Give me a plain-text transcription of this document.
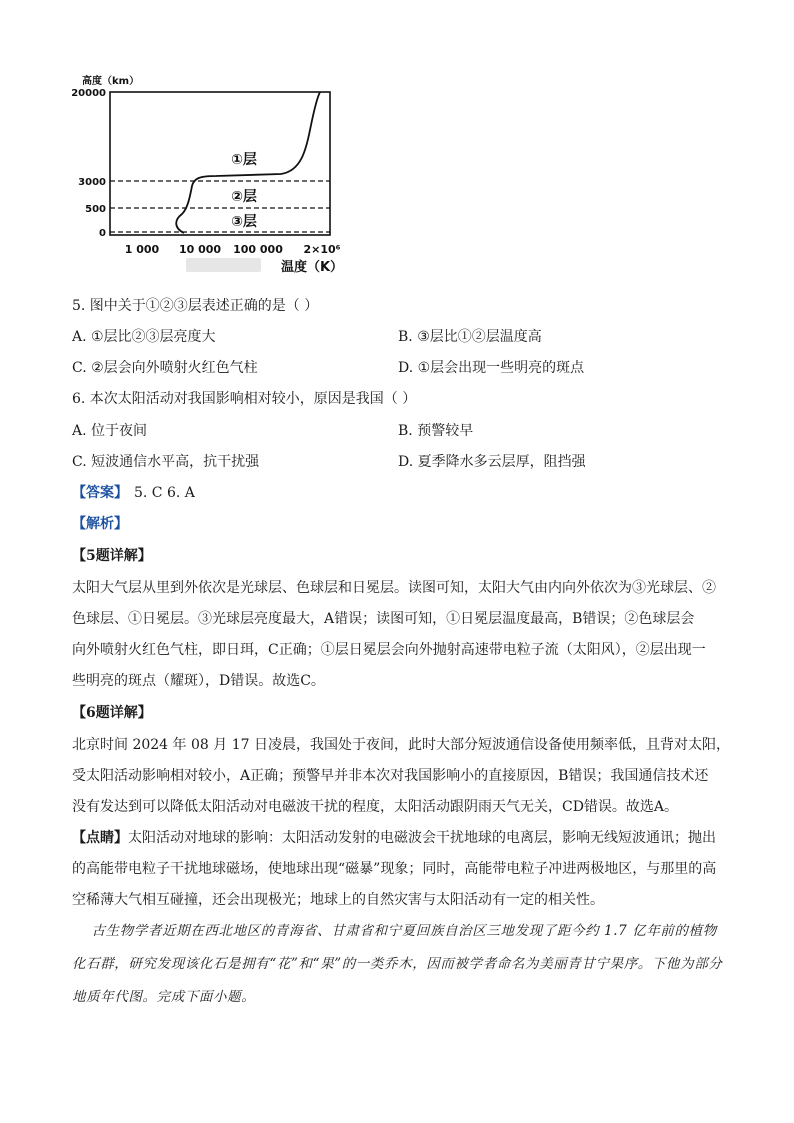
高度（km）
20000
3000
500
0
1 000 10 000 100 000 2×10⁶
温度（K）
①层
②层
③层
5. 图中关于①②③层表述正确的是（ ）
A. ①层比②③层亮度大	B. ③层比①②层温度高
C. ②层会向外喷射火红色气柱	D. ①层会出现一些明亮的斑点
6. 本次太阳活动对我国影响相对较小，原因是我国（ ）
A. 位于夜间	B. 预警较早
C. 短波通信水平高，抗干扰强	D. 夏季降水多云层厚，阻挡强
【答案】 5. C 6. A
【解析】
【5题详解】
太阳大气层从里到外依次是光球层、色球层和日冕层。读图可知，太阳大气由内向外依次为③光球层、②
色球层、①日冕层。③光球层亮度最大，A错误；读图可知，①日冕层温度最高，B错误；②色球层会
向外喷射火红色气柱，即日珥，C正确；①层日冕层会向外抛射高速带电粒子流（太阳风），②层出现一
些明亮的斑点（耀斑），D错误。故选C。
【6题详解】
北京时间 2024 年 08 月 17 日凌晨，我国处于夜间，此时大部分短波通信设备使用频率低，且背对太阳，
受太阳活动影响相对较小，A正确；预警早并非本次对我国影响小的直接原因，B错误；我国通信技术还
没有发达到可以降低太阳活动对电磁波干扰的程度，太阳活动跟阴雨天气无关，CD错误。故选A。
【点睛】太阳活动对地球的影响：太阳活动发射的电磁波会干扰地球的电离层，影响无线短波通讯；抛出
的高能带电粒子干扰地球磁场，使地球出现“磁暴”现象；同时，高能带电粒子冲进两极地区，与那里的高
空稀薄大气相互碰撞，还会出现极光；地球上的自然灾害与太阳活动有一定的相关性。
古生物学者近期在西北地区的青海省、甘肃省和宁夏回族自治区三地发现了距今约 1.7 亿年前的植物
化石群，研究发现该化石是拥有“花”和“果”的一类乔木，因而被学者命名为美丽青甘宁果序。下他为部分
地质年代图。完成下面小题。
